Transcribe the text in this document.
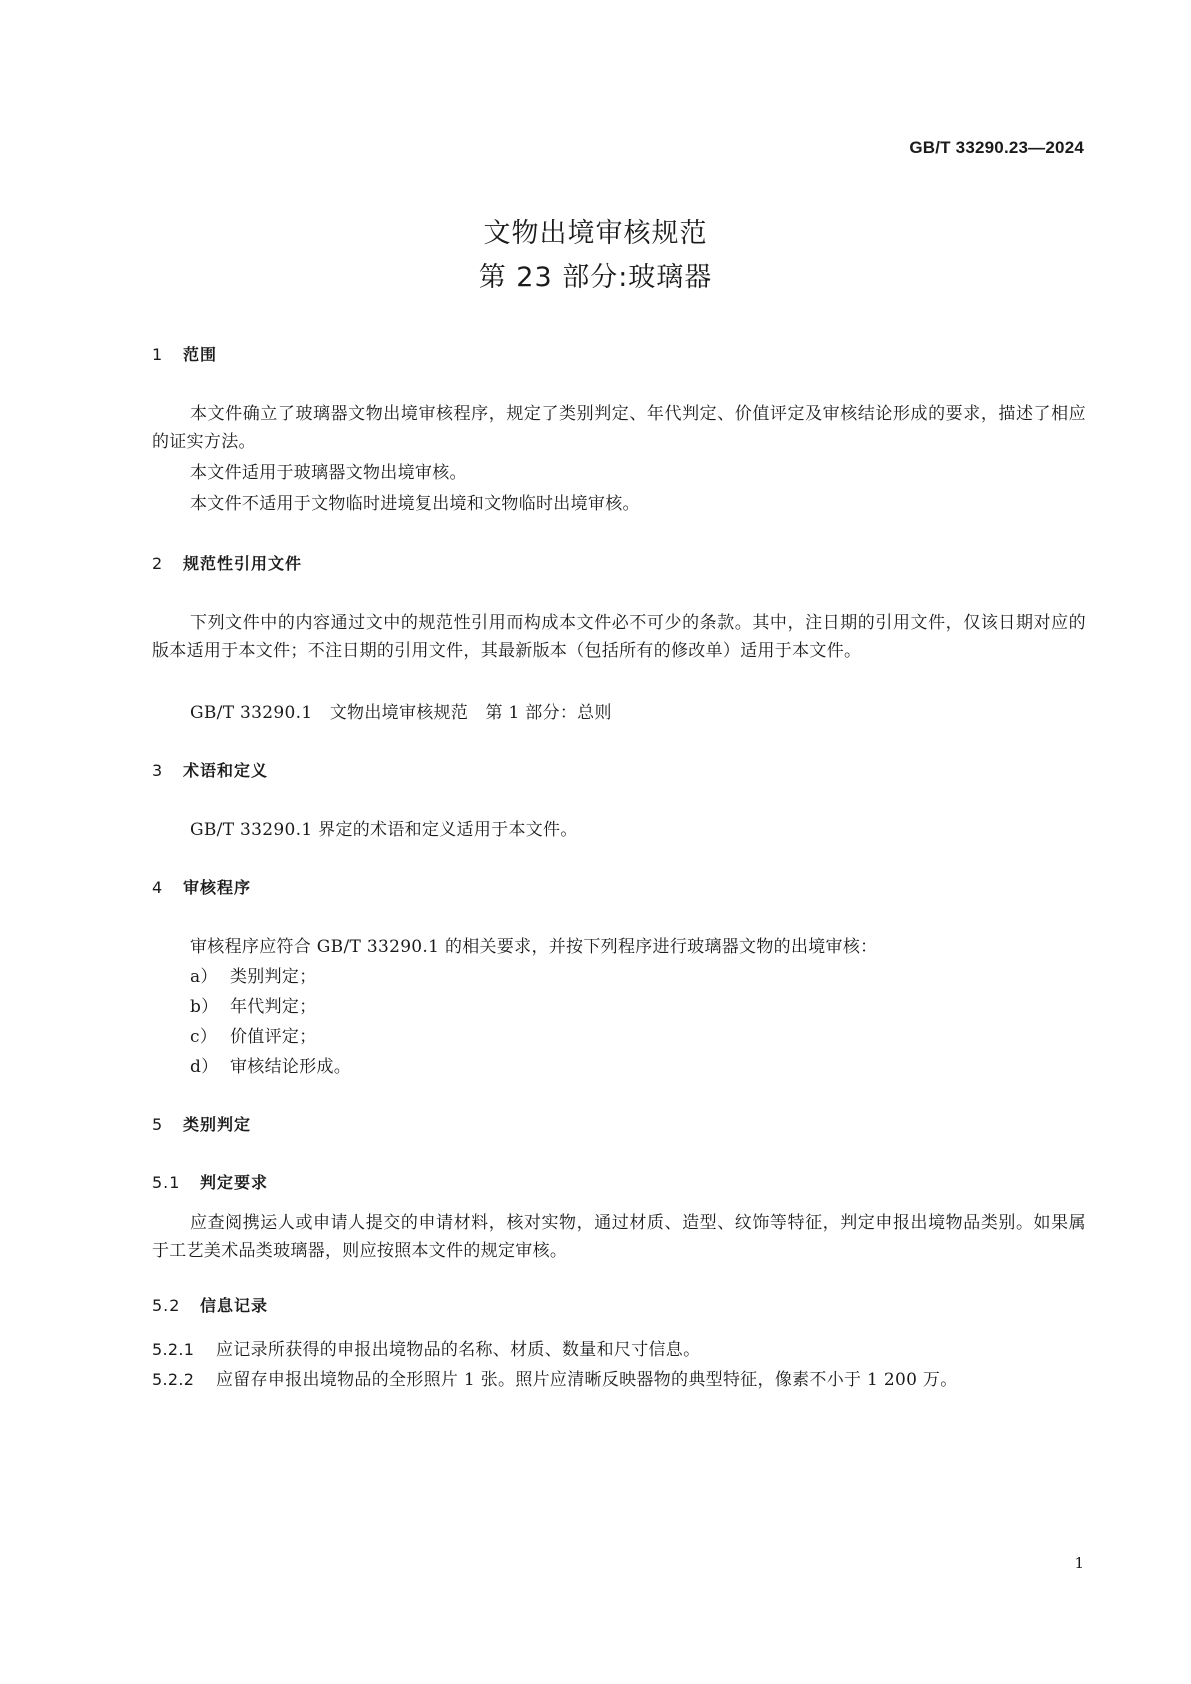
GB/T 33290.23—2024
文物出境审核规范
第 23 部分:玻璃器
1 范围
本文件确立了玻璃器文物出境审核程序，规定了类别判定、年代判定、价值评定及审核结论形成的要求，描述了相应的证实方法。
本文件适用于玻璃器文物出境审核。
本文件不适用于文物临时进境复出境和文物临时出境审核。
2 规范性引用文件
下列文件中的内容通过文中的规范性引用而构成本文件必不可少的条款。其中，注日期的引用文件，仅该日期对应的版本适用于本文件；不注日期的引用文件，其最新版本（包括所有的修改单）适用于本文件。
GB/T 33290.1　文物出境审核规范　第 1 部分：总则
3 术语和定义
GB/T 33290.1 界定的术语和定义适用于本文件。
4 审核程序
审核程序应符合 GB/T 33290.1 的相关要求，并按下列程序进行玻璃器文物的出境审核：
a） 类别判定；
b） 年代判定；
c） 价值评定；
d） 审核结论形成。
5 类别判定
5.1 判定要求
应查阅携运人或申请人提交的申请材料，核对实物，通过材质、造型、纹饰等特征，判定申报出境物品类别。如果属于工艺美术品类玻璃器，则应按照本文件的规定审核。
5.2 信息记录
5.2.1 应记录所获得的申报出境物品的名称、材质、数量和尺寸信息。
5.2.2 应留存申报出境物品的全形照片 1 张。照片应清晰反映器物的典型特征，像素不小于 1 200 万。
1
